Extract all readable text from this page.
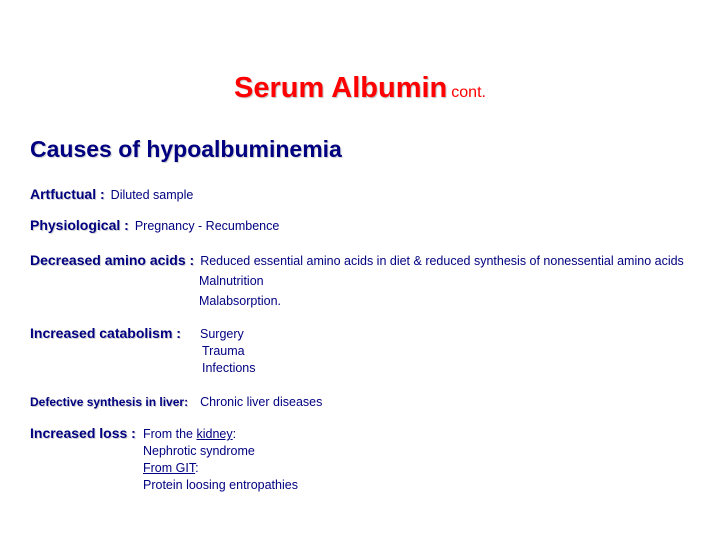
Serum Albumin cont.
Causes of hypoalbuminemia
Artfuctual : Diluted sample
Physiological : Pregnancy - Recumbence
Decreased amino acids : Reduced essential amino acids in diet & reduced synthesis of nonessential amino acids
Malnutrition
Malabsorption.
Increased catabolism : Surgery
Trauma
Infections
Defective synthesis in liver: Chronic liver diseases
Increased loss : From the kidney:
Nephrotic syndrome
From GIT:
Protein loosing entropathies
